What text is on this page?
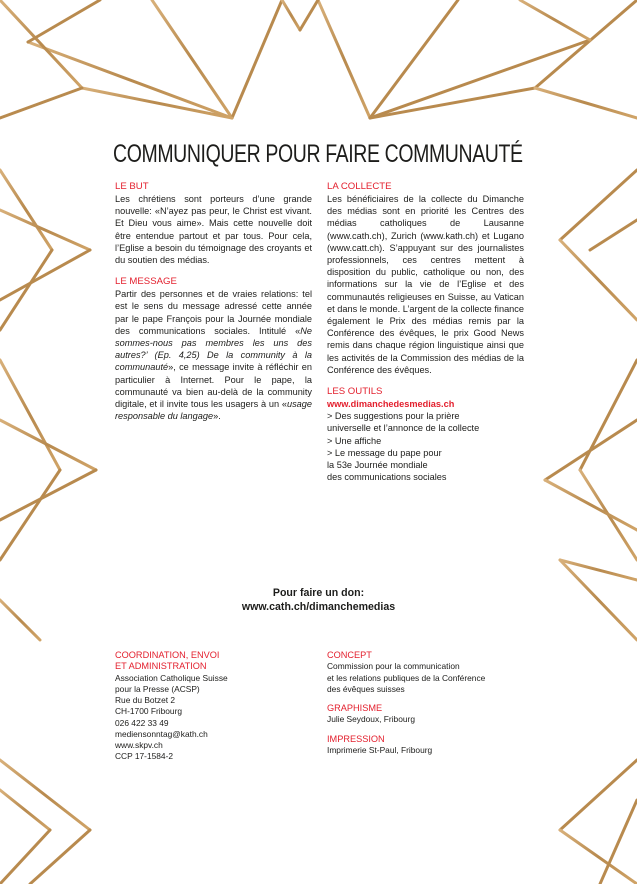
COMMUNIQUER POUR FAIRE COMMUNAUTÉ
LE BUT

Les chrétiens sont porteurs d’une grande nouvelle: «N’ayez pas peur, le Christ est vivant. Et Dieu vous aime». Mais cette nouvelle doit être entendue partout et par tous. Pour cela, l’Eglise a besoin du témoignage des croyants et du soutien des médias.

LE MESSAGE

Partir des personnes et de vraies relations: tel est le sens du message adressé cette année par le pape François pour la Journée mondiale des communications sociales. Intitulé «Ne sommes-nous pas membres les uns des autres?’ (Ep. 4,25) De la community à la communauté», ce message invite à réfléchir en particulier à Internet. Pour le pape, la communauté va bien au-delà de la community digitale, et il invite tous les usagers à un «usage responsable du langage».

LA COLLECTE

Les bénéficiaires de la collecte du Dimanche des médias sont en priorité les Centres des médias catholiques de Lausanne (www.cath.ch), Zurich (www.kath.ch) et Lugano (www.catt.ch). S’appuyant sur des journalistes professionnels, ces centres mettent à disposition du public, catholique ou non, des informations sur la vie de l’Eglise et des communautés religieuses en Suisse, au Vatican et dans le monde. L’argent de la collecte finance également le Prix des médias remis par la Conférence des évêques, le prix Good News remis dans chaque région linguistique ainsi que les activités de la Commission des médias de la Conférence des évêques.

LES OUTILS
www.dimanchedesmedias.ch
> Des suggestions pour la prière
universelle et l’annonce de la collecte
> Une affiche
> Le message du pape pour
la 53e Journée mondiale
des communications sociales
Pour faire un don:
www.cath.ch/dimanchemedias
COORDINATION, ENVOI
ET ADMINISTRATION
Association Catholique Suisse
pour la Presse (ACSP)
Rue du Botzet 2
CH-1700 Fribourg
026 422 33 49
mediensonntag@kath.ch
www.skpv.ch
CCP 17-1584-2
CONCEPT
Commission pour la communication
et les relations publiques de la Conférence
des évêques suisses
GRAPHISME
Julie Seydoux, Fribourg
IMPRESSION
Imprimerie St-Paul, Fribourg
